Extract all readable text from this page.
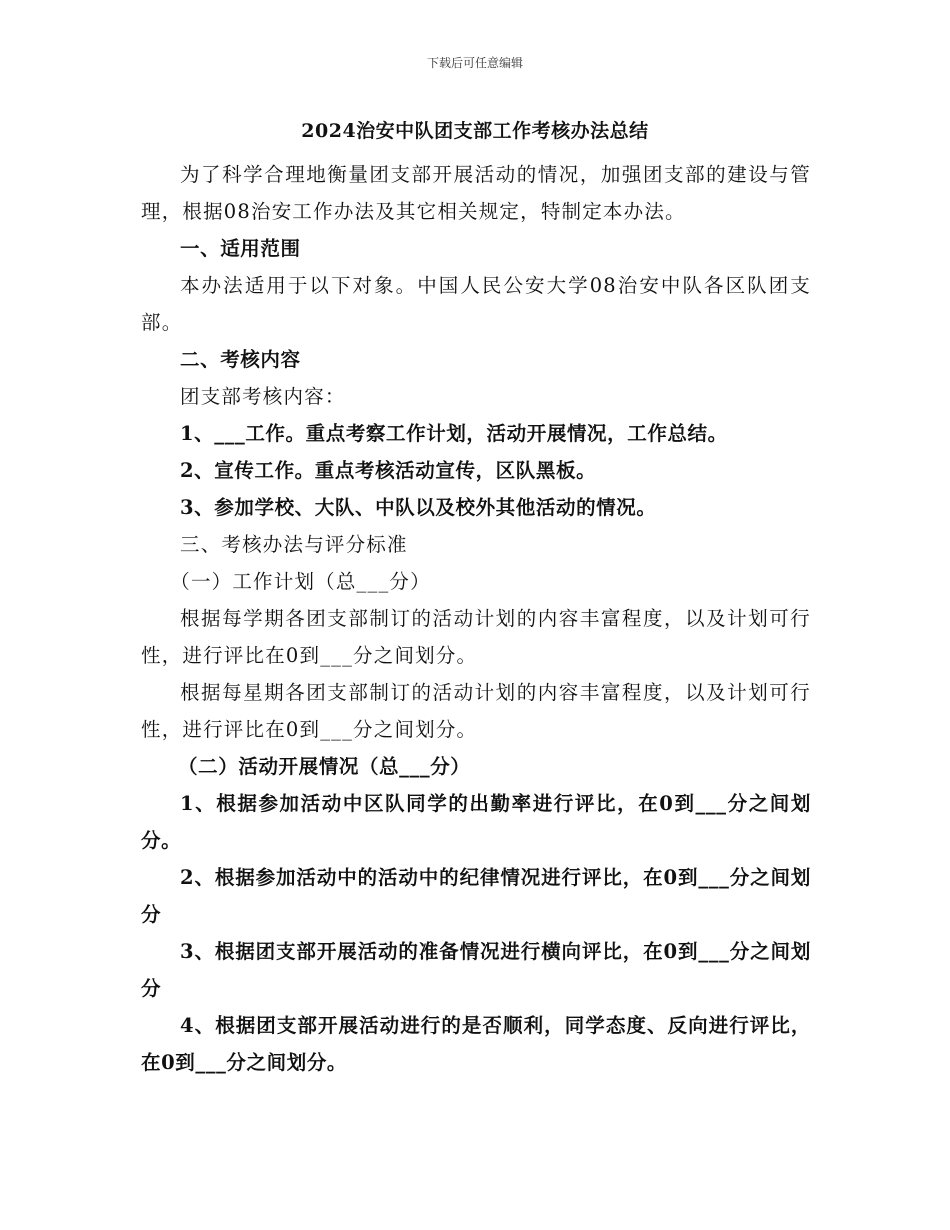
下载后可任意编辑
2024治安中队团支部工作考核办法总结

为了科学合理地衡量团支部开展活动的情况，加强团支部的建设与管理，根据08治安工作办法及其它相关规定，特制定本办法。

一、适用范围

本办法适用于以下对象。中国人民公安大学08治安中队各区队团支部。

二、考核内容

团支部考核内容：

1、___工作。重点考察工作计划，活动开展情况，工作总结。

2、宣传工作。重点考核活动宣传，区队黑板。

3、参加学校、大队、中队以及校外其他活动的情况。

三、考核办法与评分标准

（一）工作计划（总___分）

根据每学期各团支部制订的活动计划的内容丰富程度，以及计划可行性，进行评比在0到___分之间划分。

根据每星期各团支部制订的活动计划的内容丰富程度，以及计划可行性，进行评比在0到___分之间划分。

（二）活动开展情况（总___分）

1、根据参加活动中区队同学的出勤率进行评比，在0到___分之间划分。

2、根据参加活动中的活动中的纪律情况进行评比，在0到___分之间划分

3、根据团支部开展活动的准备情况进行横向评比，在0到___分之间划分

4、根据团支部开展活动进行的是否顺利，同学态度、反向进行评比，在0到___分之间划分。
